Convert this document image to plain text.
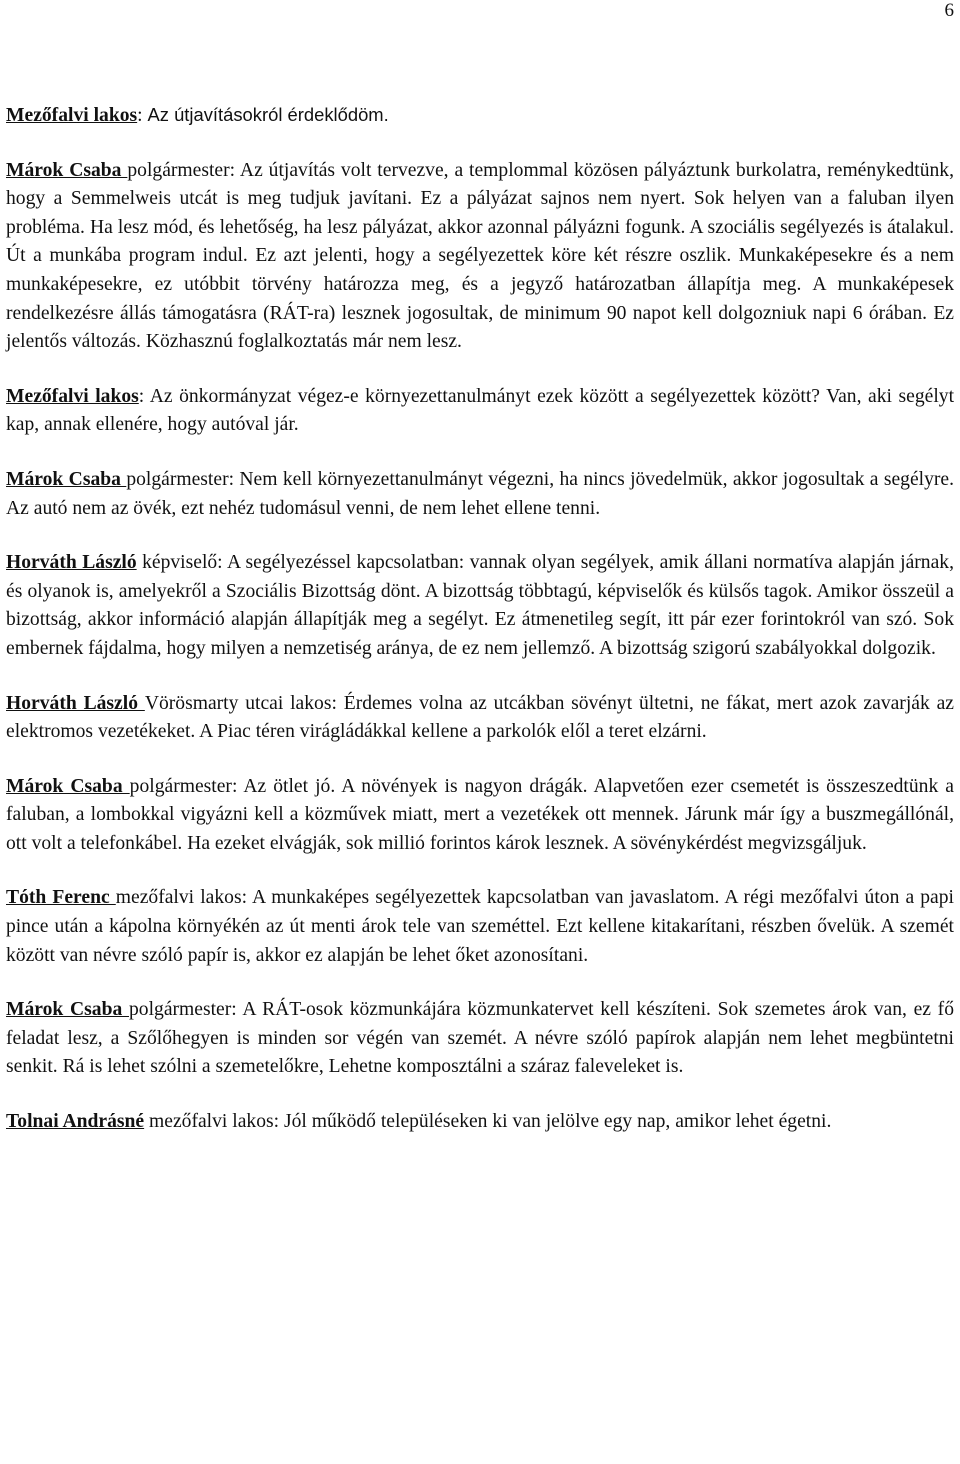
6

Mezőfalvi lakos: Az útjavításokról érdeklődöm.

Márok Csaba polgármester: Az útjavítás volt tervezve, a templommal közösen pályáztunk burkolatra, reménykedtünk, hogy a Semmelweis utcát is meg tudjuk javítani. Ez a pályázat sajnos nem nyert. Sok helyen van a faluban ilyen probléma. Ha lesz mód, és lehetőség, ha lesz pályázat, akkor azonnal pályázni fogunk. A szociális segélyezés is átalakul. Út a munkába program indul. Ez azt jelenti, hogy a segélyezettek köre két részre oszlik. Munkaképesekre és a nem munkaképesekre, ez utóbbit törvény határozza meg, és a jegyző határozatban állapítja meg. A munkaképesek rendelkezésre állás támogatásra (RÁT-ra) lesznek jogosultak, de minimum 90 napot kell dolgozniuk napi 6 órában. Ez jelentős változás. Közhasznú foglalkoztatás már nem lesz.

Mezőfalvi lakos: Az önkormányzat végez-e környezettanulmányt ezek között a segélyezettek között? Van, aki segélyt kap, annak ellenére, hogy autóval jár.

Márok Csaba polgármester: Nem kell környezettanulmányt végezni, ha nincs jövedelmük, akkor jogosultak a segélyre. Az autó nem az övék, ezt nehéz tudomásul venni, de nem lehet ellene tenni.

Horváth László képviselő: A segélyezéssel kapcsolatban: vannak olyan segélyek, amik állani normatíva alapján járnak, és olyanok is, amelyekről a Szociális Bizottság dönt. A bizottság többtagú, képviselők és külsős tagok. Amikor összeül a bizottság, akkor információ alapján állapítják meg a segélyt. Ez átmenetileg segít, itt pár ezer forintokról van szó. Sok embernek fájdalma, hogy milyen a nemzetiség aránya, de ez nem jellemző. A bizottság szigorú szabályokkal dolgozik.

Horváth László Vörösmarty utcai lakos: Érdemes volna az utcákban sövényt ültetni, ne fákat, mert azok zavarják az elektromos vezetékeket. A Piac téren virágládákkal kellene a parkolók elől a teret elzárni.

Márok Csaba polgármester: Az ötlet jó. A növények is nagyon drágák. Alapvetően ezer csemetét is összeszedtünk a faluban, a lombokkal vigyázni kell a közművek miatt, mert a vezetékek ott mennek. Járunk már így a buszmegállónál, ott volt a telefonkábel. Ha ezeket elvágják, sok millió forintos károk lesznek. A sövénykérdést megvizsgáljuk.

Tóth Ferenc mezőfalvi lakos: A munkaképes segélyezettek kapcsolatban van javaslatom. A régi mezőfalvi úton a papi pince után a kápolna környékén az út menti árok tele van szeméttel. Ezt kellene kitakarítani, részben ővelük. A szemét között van névre szóló papír is, akkor ez alapján be lehet őket azonosítani.

Márok Csaba polgármester: A RÁT-osok közmunkájára közmunkatervet kell készíteni. Sok szemetes árok van, ez fő feladat lesz, a Szőlőhegyen is minden sor végén van szemét. A névre szóló papírok alapján nem lehet megbüntetni senkit. Rá is lehet szólni a szemetelőkre, Lehetne komposztálni a száraz faleveleket is.

Tolnai Andrásné mezőfalvi lakos: Jól működő településeken ki van jelölve egy nap, amikor lehet égetni.
